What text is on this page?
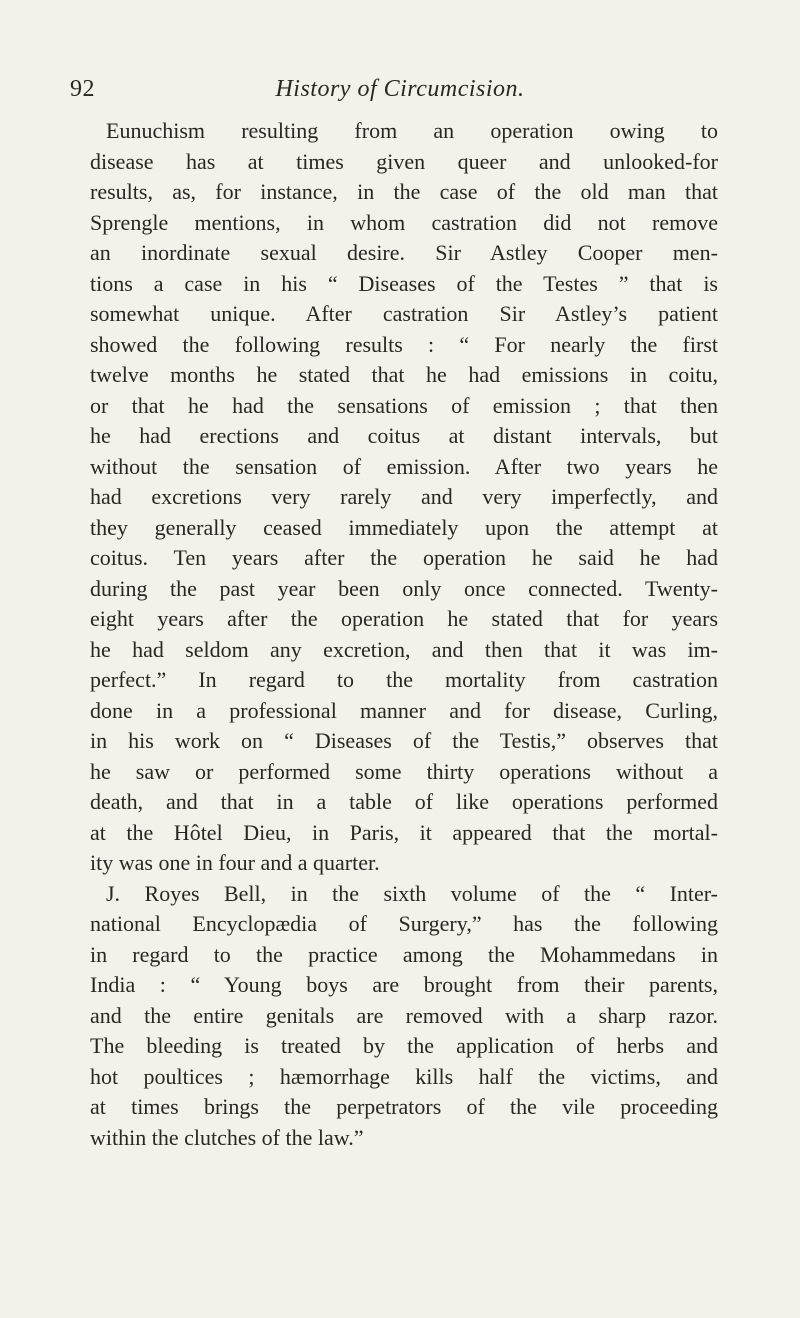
92	History of Circumcision.
Eunuchism resulting from an operation owing to
disease has at times given queer and unlooked-for
results, as, for instance, in the case of the old man that
Sprengle mentions, in whom castration did not remove
an inordinate sexual desire. Sir Astley Cooper men-
tions a case in his “ Diseases of the Testes ” that is
somewhat unique. After castration Sir Astley’s patient
showed the following results : “ For nearly the first
twelve months he stated that he had emissions in coitu,
or that he had the sensations of emission ; that then
he had erections and coitus at distant intervals, but
without the sensation of emission. After two years he
had excretions very rarely and very imperfectly, and
they generally ceased immediately upon the attempt at
coitus. Ten years after the operation he said he had
during the past year been only once connected. Twenty-
eight years after the operation he stated that for years
he had seldom any excretion, and then that it was im-
perfect.” In regard to the mortality from castration
done in a professional manner and for disease, Curling,
in his work on “ Diseases of the Testis,” observes that
he saw or performed some thirty operations without a
death, and that in a table of like operations performed
at the Hôtel Dieu, in Paris, it appeared that the mortal-
ity was one in four and a quarter.
J. Royes Bell, in the sixth volume of the “ Inter-
national Encyclopædia of Surgery,” has the following
in regard to the practice among the Mohammedans in
India : “ Young boys are brought from their parents,
and the entire genitals are removed with a sharp razor.
The bleeding is treated by the application of herbs and
hot poultices ; hæmorrhage kills half the victims, and
at times brings the perpetrators of the vile proceeding
within the clutches of the law.”
